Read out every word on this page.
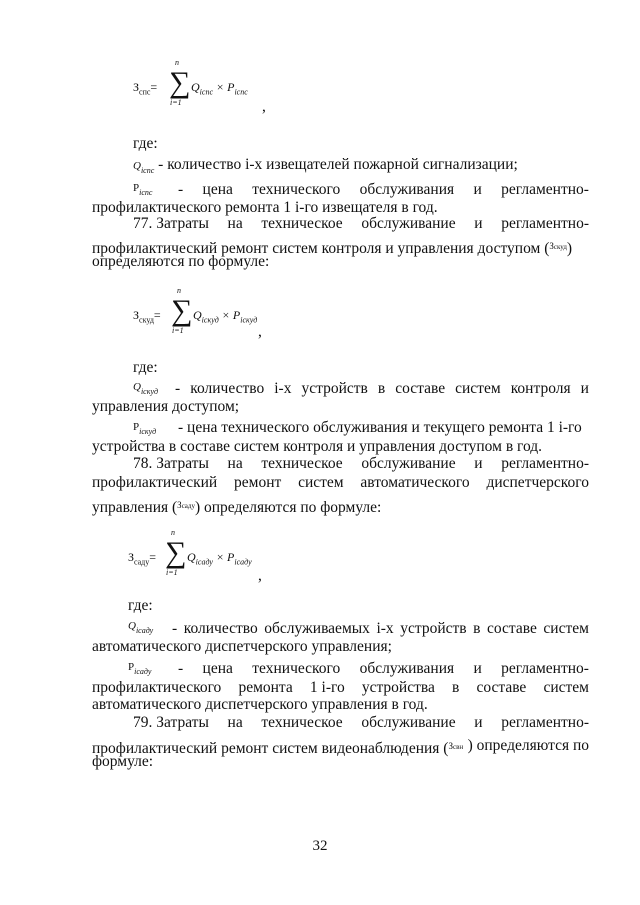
$З_{спс}=$
n
∑
i=1
$Q_{iспс} \times P_{iспс}$
,
где:
$Q_{iспс}$ - количество i-х извещателей пожарной сигнализации;
$P_{iспс}$ - цена технического обслуживания и регламентно-
профилактического ремонта 1 i-го извещателя в год.
77. Затраты на техническое обслуживание и регламентно-
профилактический ремонт систем контроля и управления доступом ($^{Зскуд}$)
определяются по формуле:
$З_{скуд}=$
n
∑
i=1
$Q_{iскуд} \times P_{iскуд}$
,
где:
$Q_{iскуд}$ - количество i-х устройств в составе систем контроля и
управления доступом;
$P_{iскуд}$ - цена технического обслуживания и текущего ремонта 1 i-го
устройства в составе систем контроля и управления доступом в год.
78. Затраты на техническое обслуживание и регламентно-
профилактический ремонт систем автоматического диспетчерского
управления ($^{Зсaду}$) определяются по формуле:
$З_{сaду}=$
n
∑
i=1
$Q_{iсaду} \times P_{iсaду}$
,
где:
$Q_{iсaду}$ - количество обслуживаемых i-х устройств в составе систем
автоматического диспетчерского управления;
$P_{iсaду}$ - цена технического обслуживания и регламентно-
профилактического ремонта 1 i-го устройства в составе систем
автоматического диспетчерского управления в год.
79. Затраты на техническое обслуживание и регламентно-
профилактический ремонт систем видеонаблюдения ($^{Зсвн}$ ) определяются по
формуле:
32
